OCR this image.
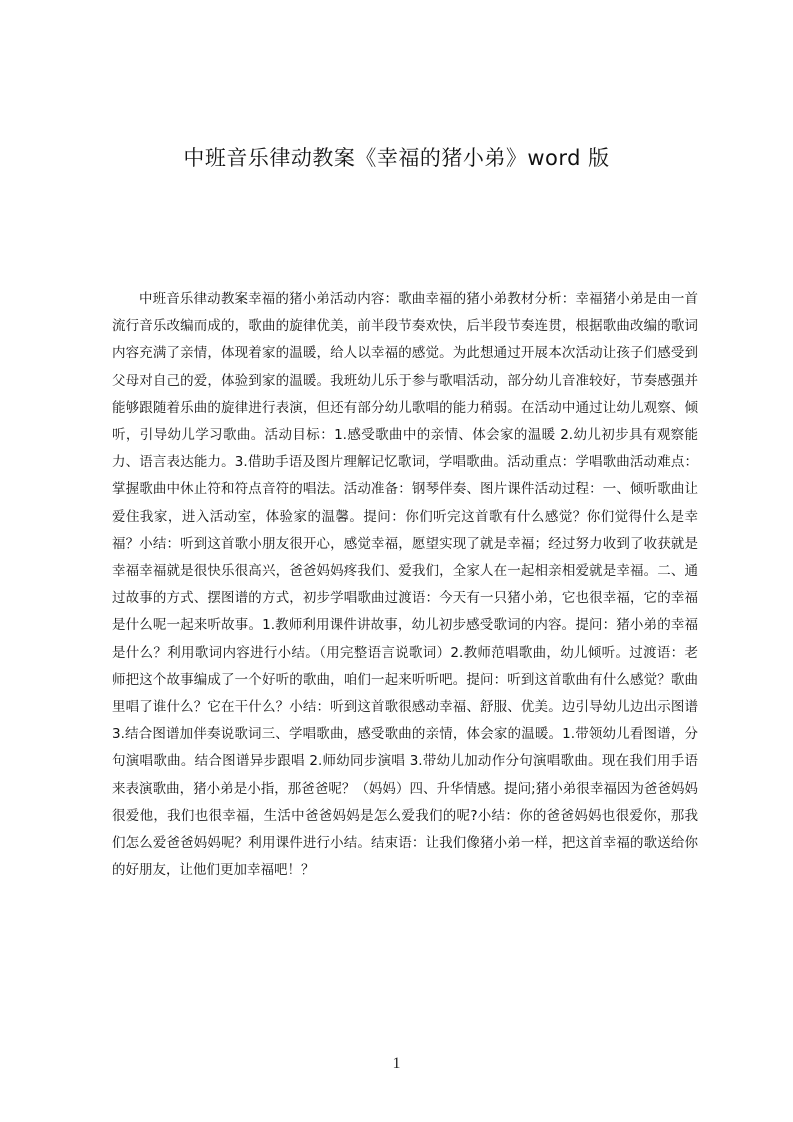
中班音乐律动教案《幸福的猪小弟》word 版

中班音乐律动教案幸福的猪小弟活动内容：歌曲幸福的猪小弟教材分析：幸福猪小弟是由一首流行音乐改编而成的，歌曲的旋律优美，前半段节奏欢快，后半段节奏连贯，根据歌曲改编的歌词内容充满了亲情，体现着家的温暖，给人以幸福的感觉。为此想通过开展本次活动让孩子们感受到父母对自己的爱，体验到家的温暖。我班幼儿乐于参与歌唱活动，部分幼儿音准较好，节奏感强并能够跟随着乐曲的旋律进行表演，但还有部分幼儿歌唱的能力稍弱。在活动中通过让幼儿观察、倾听，引导幼儿学习歌曲。活动目标：1.感受歌曲中的亲情、体会家的温暖 2.幼儿初步具有观察能力、语言表达能力。3.借助手语及图片理解记忆歌词，学唱歌曲。活动重点：学唱歌曲活动难点：掌握歌曲中休止符和符点音符的唱法。活动准备：钢琴伴奏、图片课件活动过程：一、倾听歌曲让爱住我家，进入活动室，体验家的温馨。提问：你们听完这首歌有什么感觉？你们觉得什么是幸福？小结：听到这首歌小朋友很开心，感觉幸福，愿望实现了就是幸福；经过努力收到了收获就是幸福幸福就是很快乐很高兴，爸爸妈妈疼我们、爱我们，全家人在一起相亲相爱就是幸福。二、通过故事的方式、摆图谱的方式，初步学唱歌曲过渡语：今天有一只猪小弟，它也很幸福，它的幸福是什么呢一起来听故事。1.教师利用课件讲故事，幼儿初步感受歌词的内容。提问：猪小弟的幸福是什么？利用歌词内容进行小结。（用完整语言说歌词）2.教师范唱歌曲，幼儿倾听。过渡语：老师把这个故事编成了一个好听的歌曲，咱们一起来听听吧。提问：听到这首歌曲有什么感觉？歌曲里唱了谁什么？它在干什么？小结：听到这首歌很感动幸福、舒服、优美。边引导幼儿边出示图谱 3.结合图谱加伴奏说歌词三、学唱歌曲，感受歌曲的亲情，体会家的温暖。1.带领幼儿看图谱，分句演唱歌曲。结合图谱异步跟唱 2.师幼同步演唱 3.带幼儿加动作分句演唱歌曲。现在我们用手语来表演歌曲，猪小弟是小指，那爸爸呢？（妈妈）四、升华情感。提问;猪小弟很幸福因为爸爸妈妈很爱他，我们也很幸福，生活中爸爸妈妈是怎么爱我们的呢?小结：你的爸爸妈妈也很爱你，那我们怎么爱爸爸妈妈呢？利用课件进行小结。结束语：让我们像猪小弟一样，把这首幸福的歌送给你的好朋友，让他们更加幸福吧！？

1
